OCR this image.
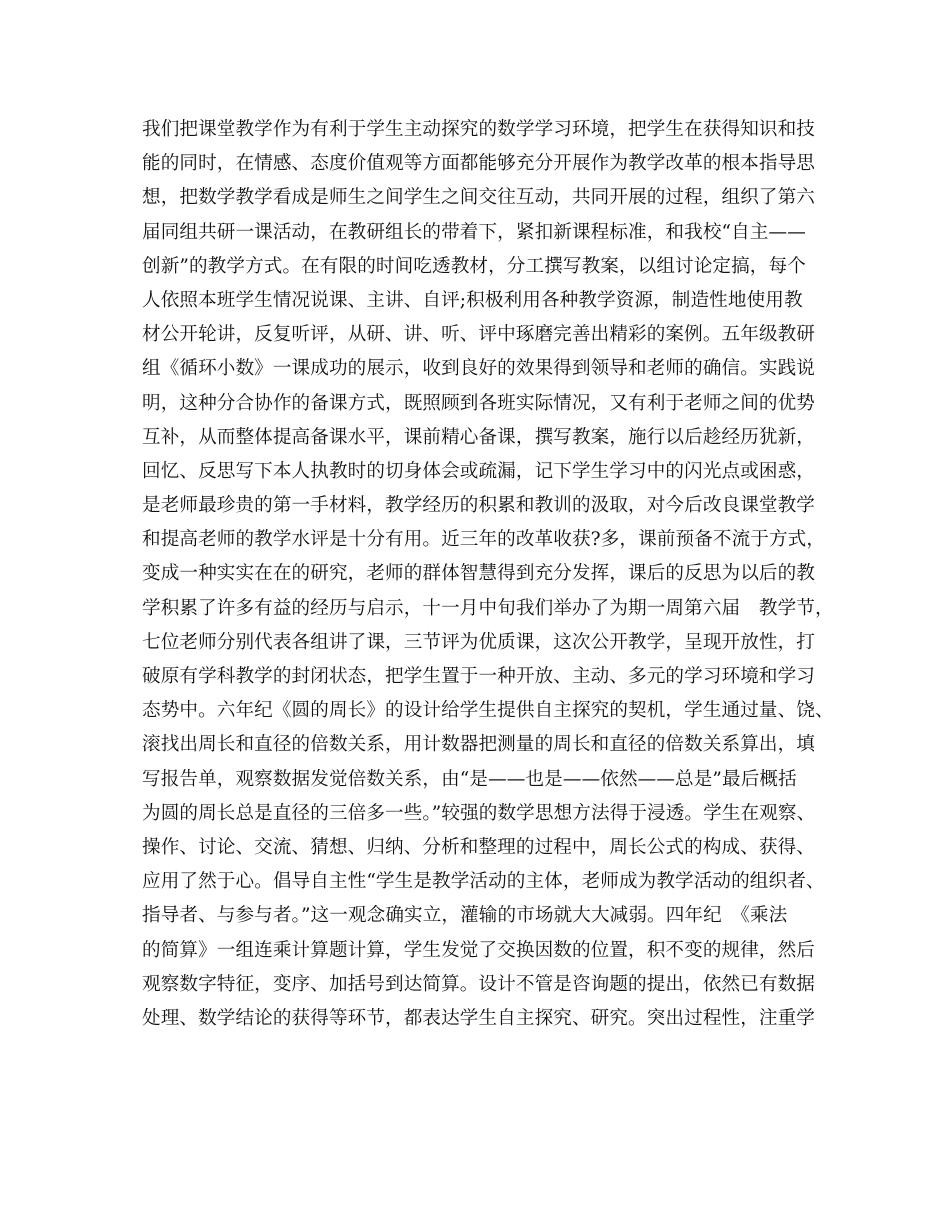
我们把课堂教学作为有利于学生主动探究的数学学习环境，把学生在获得知识和技
能的同时，在情感、态度价值观等方面都能够充分开展作为教学改革的根本指导思
想，把数学教学看成是师生之间学生之间交往互动，共同开展的过程，组织了第六
届同组共研一课活动，在教研组长的带着下，紧扣新课程标准，和我校“自主——
创新”的教学方式。在有限的时间吃透教材，分工撰写教案，以组讨论定搞，每个
人依照本班学生情况说课、主讲、自评;积极利用各种教学资源，制造性地使用教
材公开轮讲，反复听评，从研、讲、听、评中琢磨完善出精彩的案例。五年级教研
组《循环小数》一课成功的展示，收到良好的效果得到领导和老师的确信。实践说
明，这种分合协作的备课方式，既照顾到各班实际情况，又有利于老师之间的优势
互补，从而整体提高备课水平，课前精心备课，撰写教案，施行以后趁经历犹新，
回忆、反思写下本人执教时的切身体会或疏漏，记下学生学习中的闪光点或困惑，
是老师最珍贵的第一手材料，教学经历的积累和教训的汲取，对今后改良课堂教学
和提高老师的教学水评是十分有用。近三年的改革收获?多，课前预备不流于方式，
变成一种实实在在的研究，老师的群体智慧得到充分发挥，课后的反思为以后的教
学积累了许多有益的经历与启示，十一月中旬我们举办了为期一周第六届　教学节，
七位老师分别代表各组讲了课，三节评为优质课，这次公开教学，呈现开放性，打
破原有学科教学的封闭状态，把学生置于一种开放、主动、多元的学习环境和学习
态势中。六年纪《圆的周长》的设计给学生提供自主探究的契机，学生通过量、饶、
滚找出周长和直径的倍数关系，用计数器把测量的周长和直径的倍数关系算出，填
写报告单，观察数据发觉倍数关系，由“是——也是——依然——总是”最后概括
为圆的周长总是直径的三倍多一些。”较强的数学思想方法得于浸透。学生在观察、
操作、讨论、交流、猜想、归纳、分析和整理的过程中，周长公式的构成、获得、
应用了然于心。倡导自主性“学生是教学活动的主体，老师成为教学活动的组织者、
指导者、与参与者。”这一观念确实立，灌输的市场就大大减弱。四年纪　《乘法
的简算》一组连乘计算题计算，学生发觉了交换因数的位置，积不变的规律，然后
观察数字特征，变序、加括号到达简算。设计不管是咨询题的提出，依然已有数据
处理、数学结论的获得等环节，都表达学生自主探究、研究。突出过程性，注重学
